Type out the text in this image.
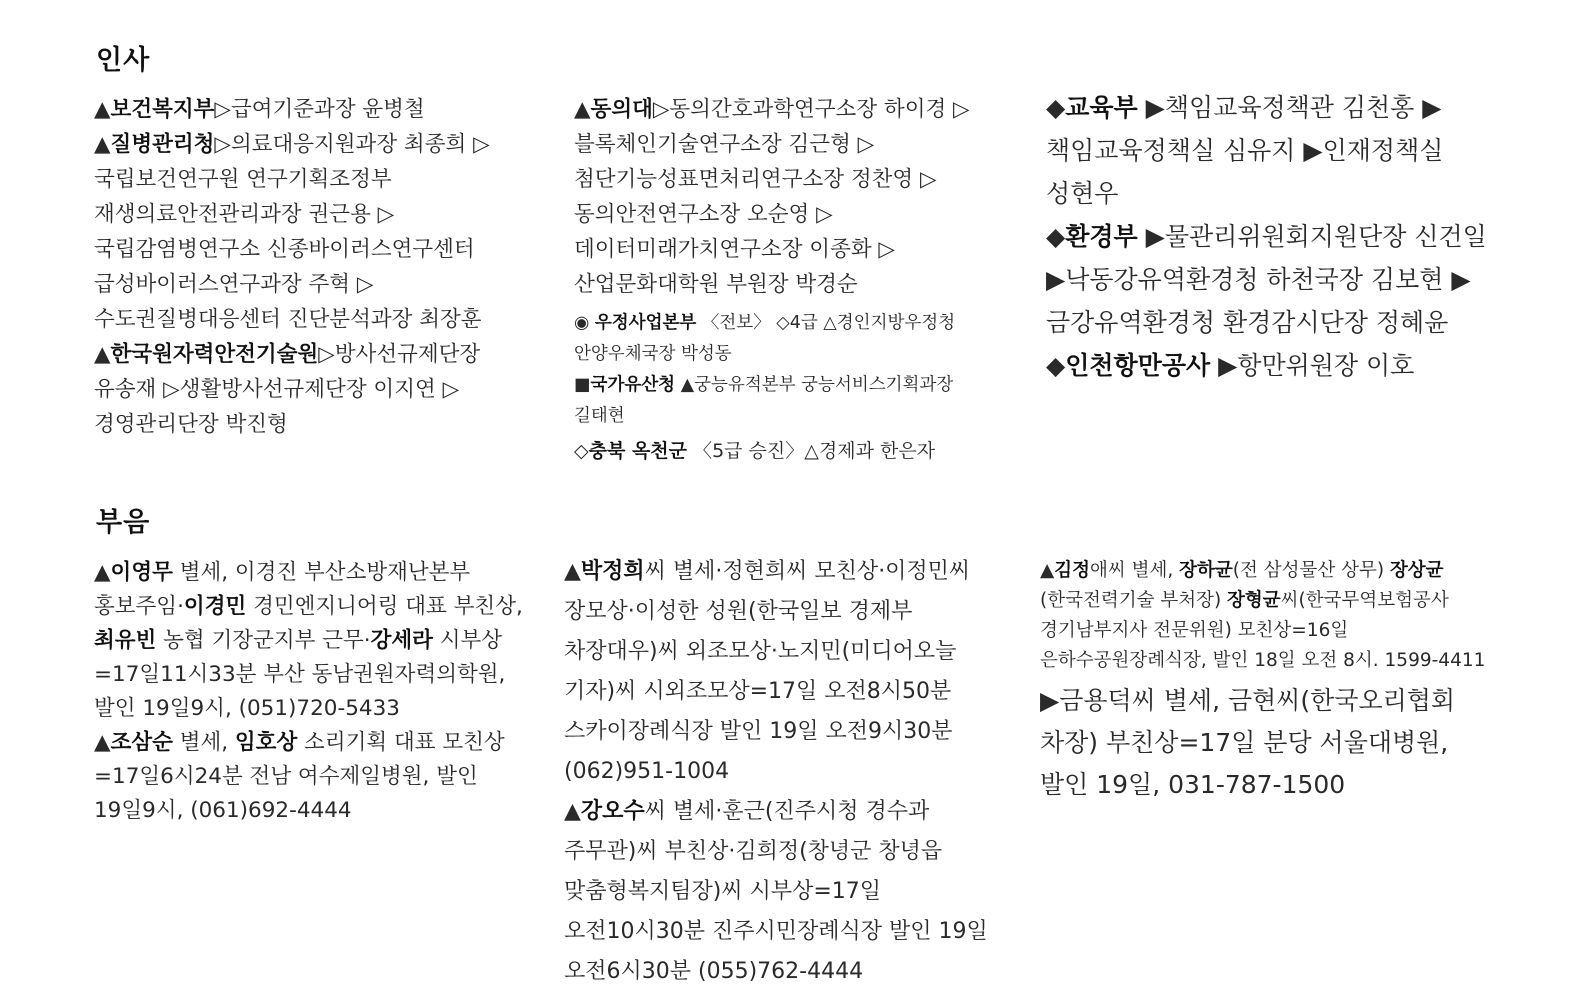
인사

▲보건복지부▷급여기준과장 윤병철

▲질병관리청▷의료대응지원과장 최종희 ▷국립보건연구원 연구기획조정부 재생의료안전관리과장 권근용 ▷국립감염병연구소 신종바이러스연구센터 급성바이러스연구과장 주혁 ▷수도권질병대응센터 진단분석과장 최장훈

▲한국원자력안전기술원▷방사선규제단장 유송재 ▷생활방사선규제단장 이지연 ▷경영관리단장 박진형

▲동의대▷동의간호과학연구소장 하이경 ▷블록체인기술연구소장 김근형 ▷첨단기능성표면처리연구소장 정찬영 ▷동의안전연구소장 오순영 ▷데이터미래가치연구소장 이종화 ▷산업문화대학원 부원장 박경순

◉ 우정사업본부 〈전보〉 ◇4급 △경인지방우정청 안양우체국장 박성동

■국가유산청 ▲궁능유적본부 궁능서비스기획과장 길태현

◇충북 옥천군 〈5급 승진〉△경제과 한은자

◆교육부 ▶책임교육정책관 김천홍 ▶책임교육정책실 심유지 ▶인재정책실 성현우

◆환경부 ▶물관리위원회지원단장 신건일 ▶낙동강유역환경청 하천국장 김보현 ▶금강유역환경청 환경감시단장 정혜윤

◆인천항만공사 ▶항만위원장 이호

부음

▲이영무 별세, 이경진 부산소방재난본부 홍보주임·이경민 경민엔지니어링 대표 부친상, 최유빈 농협 기장군지부 근무·강세라 시부상=17일11시33분 부산 동남권원자력의학원, 발인 19일9시, (051)720-5433

▲조삼순 별세, 임호상 소리기획 대표 모친상=17일6시24분 전남 여수제일병원, 발인 19일9시, (061)692-4444

▲박정희씨 별세·정현희씨 모친상·이정민씨 장모상·이성한 성원(한국일보 경제부 차장대우)씨 외조모상·노지민(미디어오늘 기자)씨 시외조모상=17일 오전8시50분 스카이장례식장 발인 19일 오전9시30분 (062)951-1004

▲강오수씨 별세·훈근(진주시청 경수과 주무관)씨 부친상·김희정(창녕군 창녕읍 맞춤형복지팀장)씨 시부상=17일 오전10시30분 진주시민장례식장 발인 19일 오전6시30분 (055)762-4444

▲김정애씨 별세, 장하균(전 삼성물산 상무) 장상균(한국전력기술 부처장) 장형균씨(한국무역보험공사 경기남부지사 전문위원) 모친상=16일 은하수공원장례식장, 발인 18일 오전 8시. 1599-4411

▶금용덕씨 별세, 금현씨(한국오리협회 차장) 부친상=17일 분당 서울대병원, 발인 19일, 031-787-1500
